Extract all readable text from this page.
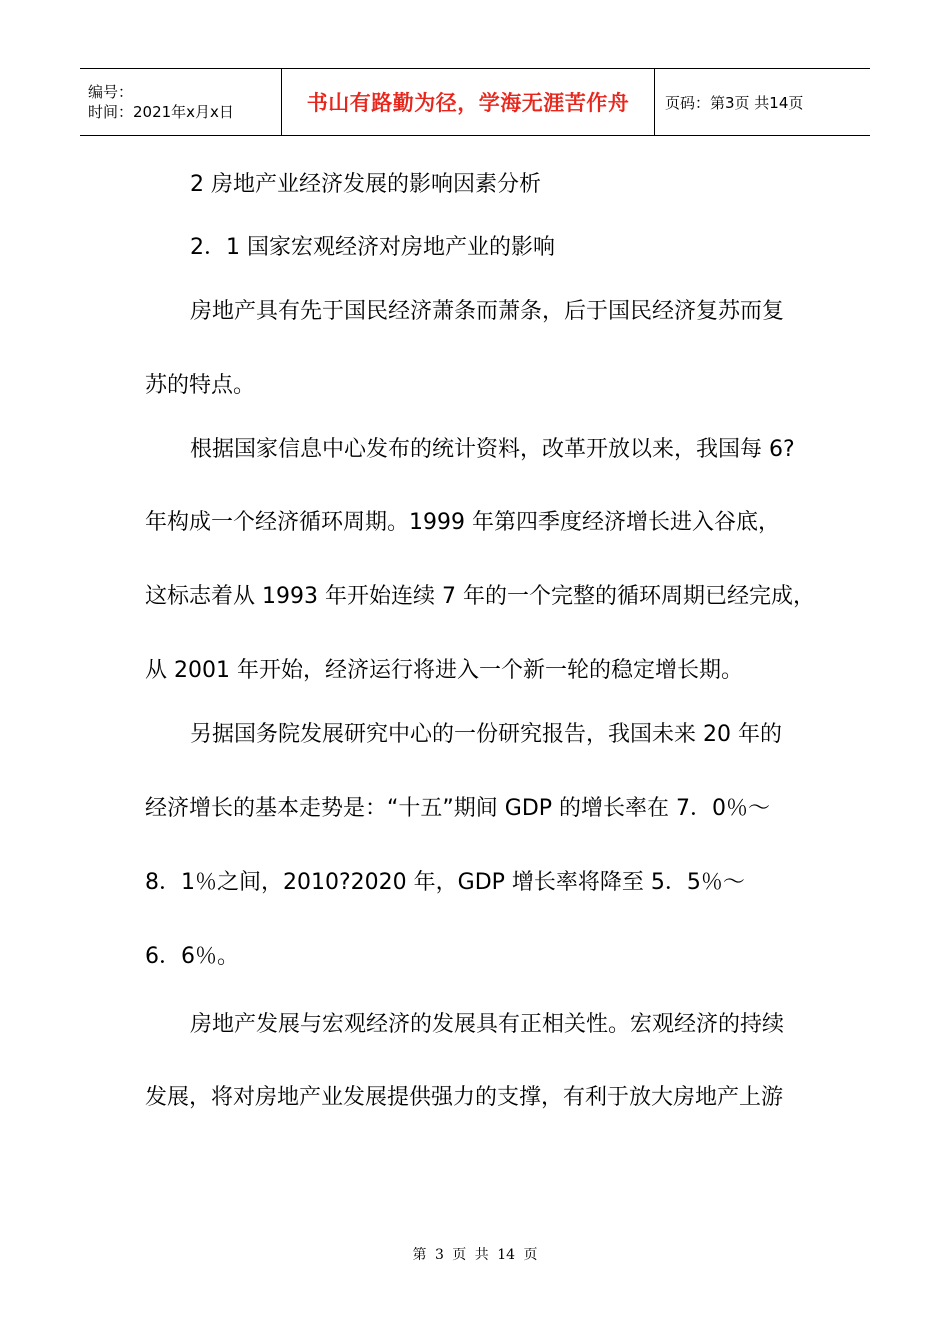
编号：
时间：2021年x月x日	书山有路勤为径，学海无涯苦作舟 页码：第3页 共14页
2 房地产业经济发展的影响因素分析
2．1 国家宏观经济对房地产业的影响
房地产具有先于国民经济萧条而萧条，后于国民经济复苏而复
苏的特点。
根据国家信息中心发布的统计资料，改革开放以来，我国每 6?
年构成一个经济循环周期。1999 年第四季度经济增长进入谷底，
这标志着从 1993 年开始连续 7 年的一个完整的循环周期已经完成，
从 2001 年开始，经济运行将进入一个新一轮的稳定增长期。
另据国务院发展研究中心的一份研究报告，我国未来 20 年的
经济增长的基本走势是：“十五”期间 GDP 的增长率在 7．0％～
8．1％之间，2010?2020 年，GDP 增长率将降至 5．5％～
6．6％。
房地产发展与宏观经济的发展具有正相关性。宏观经济的持续
发展，将对房地产业发展提供强力的支撑，有利于放大房地产上游
第 3 页 共 14 页
